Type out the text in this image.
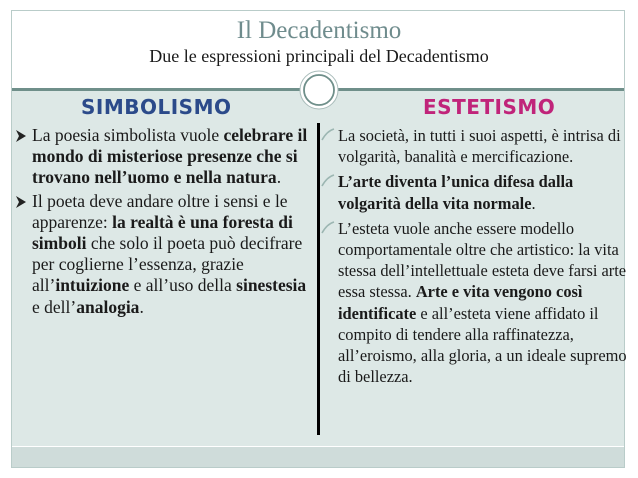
Il Decadentismo
Due le espressioni principali del Decadentismo
SIMBOLISMO	ESTETISMO
La poesia simbolista vuole celebrare il mondo di misteriose presenze che si trovano nell’uomo e nella natura.
Il poeta deve andare oltre i sensi e le apparenze: la realtà è una foresta di simboli che solo il poeta può decifrare per coglierne l’essenza, grazie all’intuizione e all’uso della sinestesia e dell’analogia.
La società, in tutti i suoi aspetti, è intrisa di volgarità, banalità e mercificazione.
L’arte diventa l’unica difesa dalla volgarità della vita normale.
L’esteta vuole anche essere modello comportamentale oltre che artistico: la vita stessa dell’intellettuale esteta deve farsi arte essa stessa. Arte e vita vengono così identificate e all’esteta viene affidato il compito di tendere alla raffinatezza, all’eroismo, alla gloria, a un ideale supremo di bellezza.
